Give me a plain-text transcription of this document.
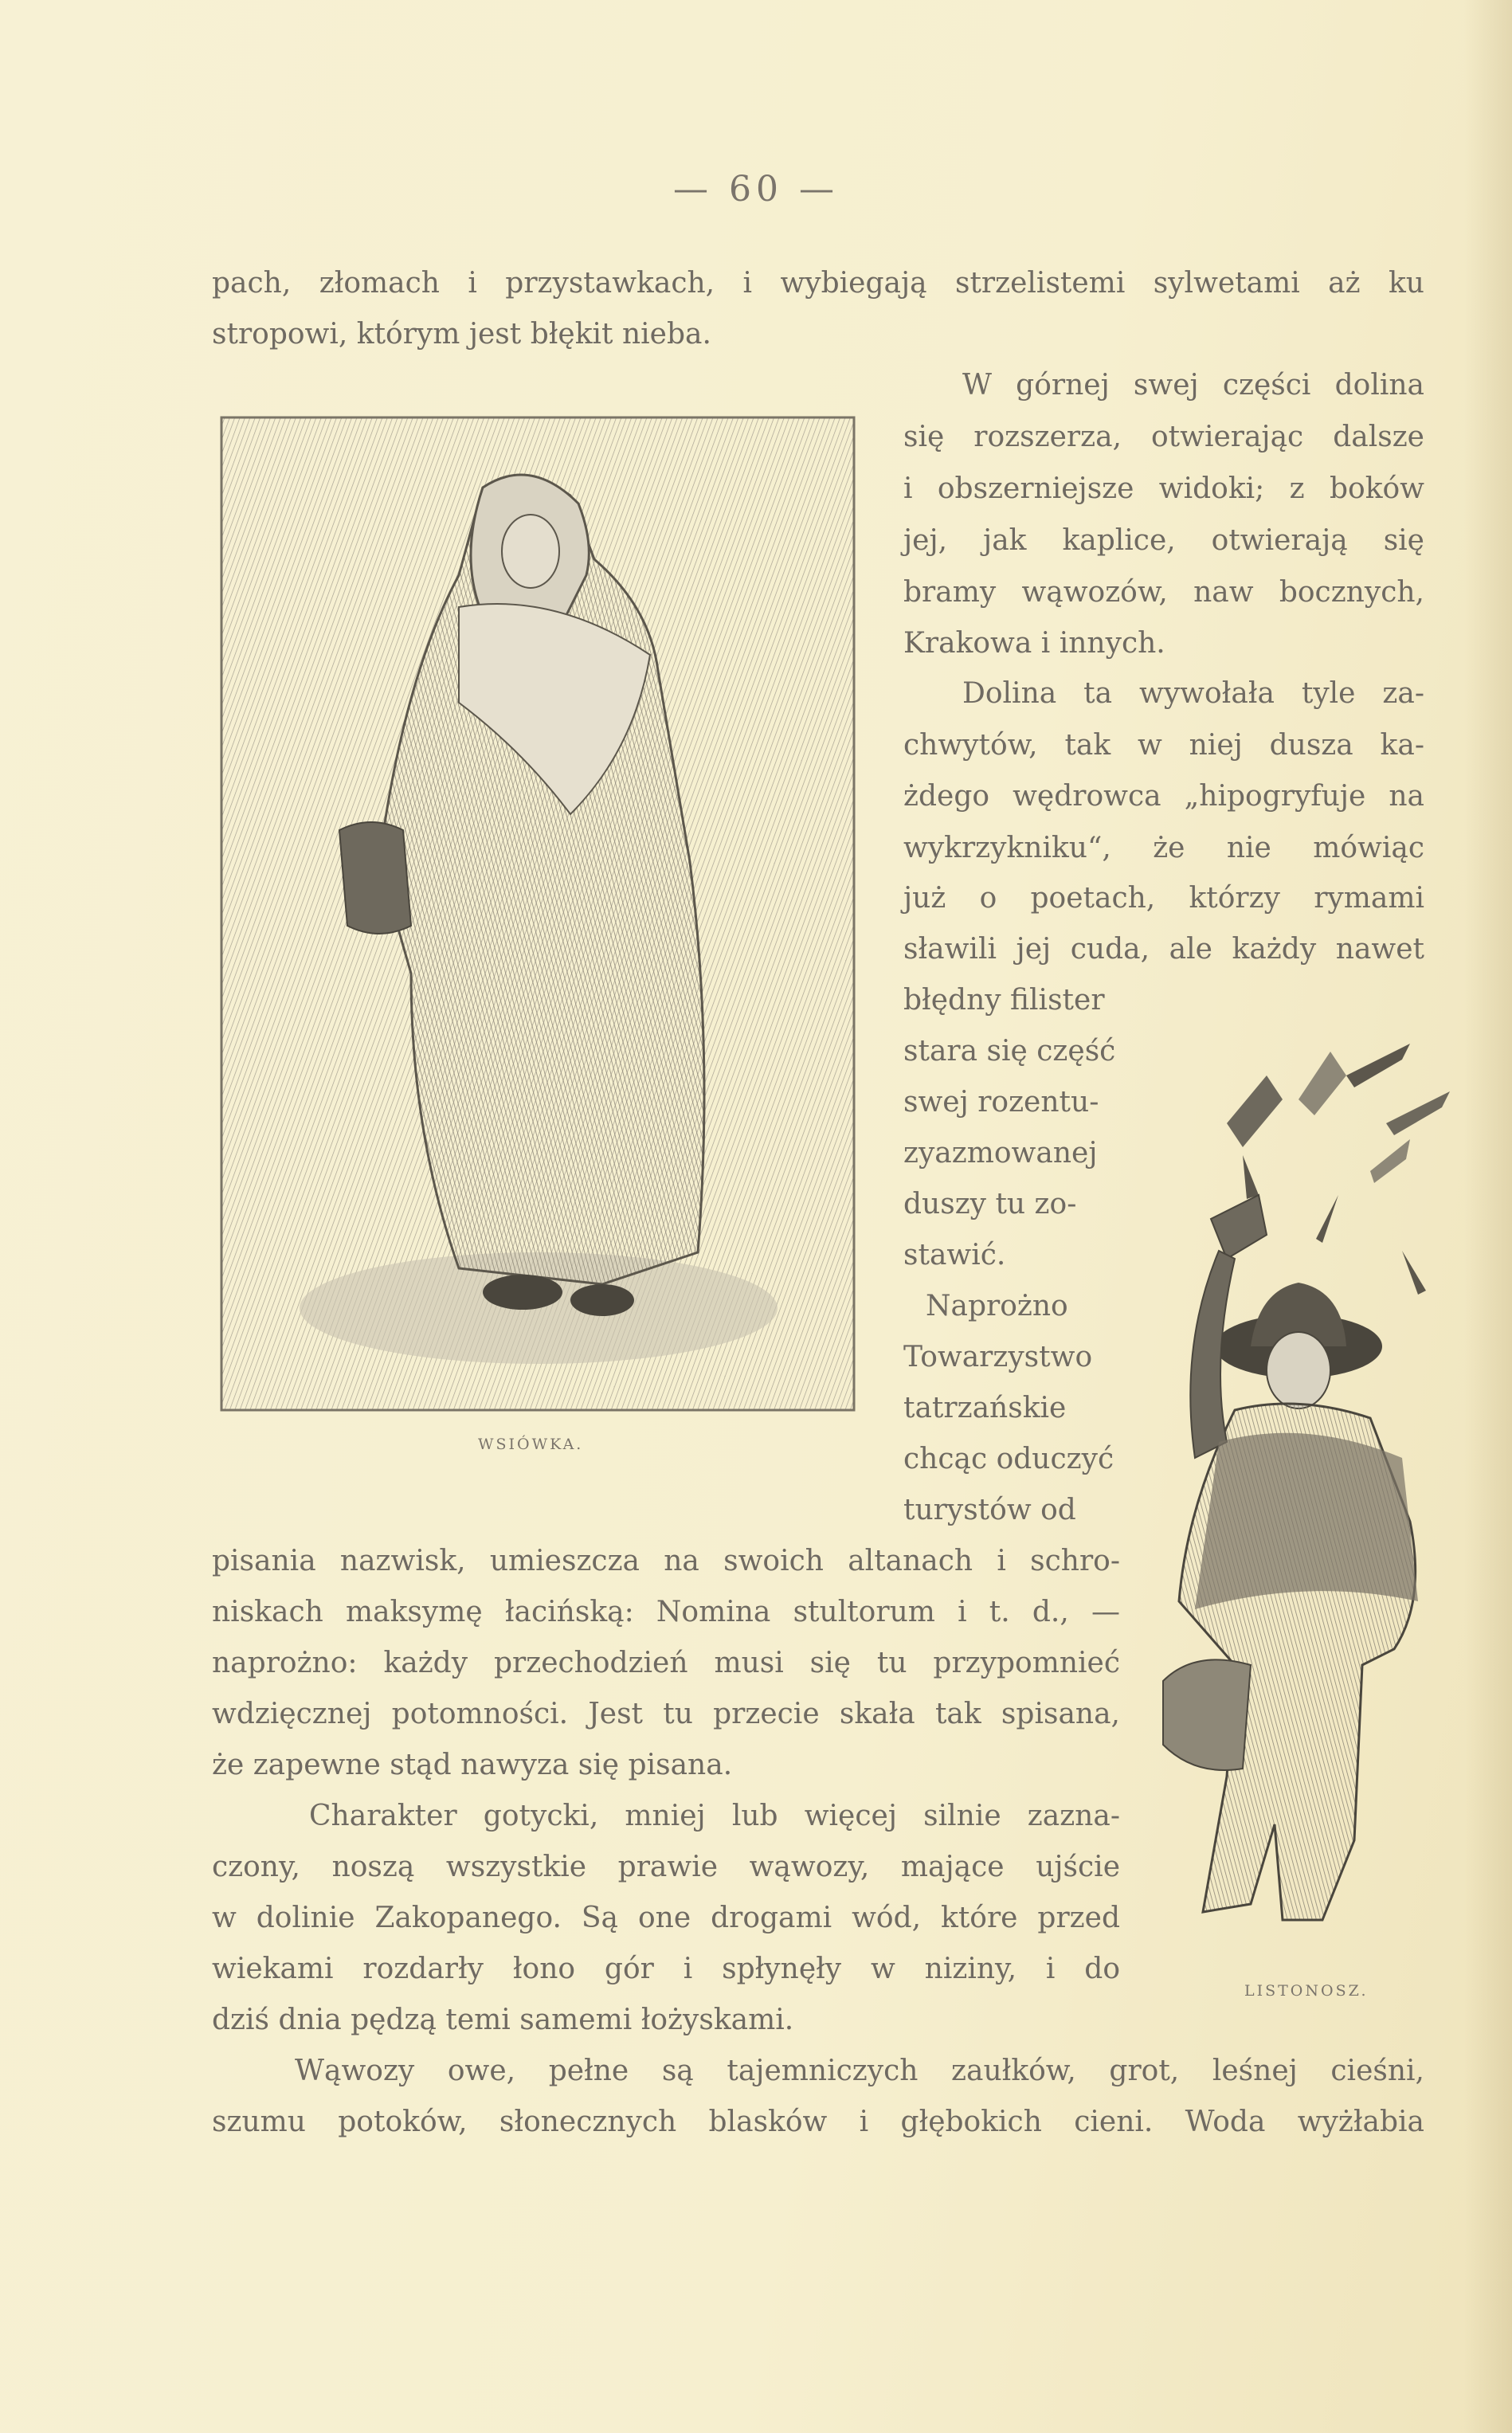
— 60 —
WSIÓWKA.
LISTONOSZ.
pach, złomach i przystawkach, i wybiegają strzelistemi sylwetami aż ku
stropowi, którym jest błękit nieba.
W górnej swej części dolina
się rozszerza, otwierając dalsze
i obszerniejsze widoki; z boków
jej, jak kaplice, otwierają się
bramy wąwozów, naw bocznych,
Krakowa i innych.
Dolina ta wywołała tyle za-
chwytów, tak w niej dusza ka-
żdego wędrowca „hipogryfuje na
wykrzykniku“, że nie mówiąc
już o poetach, którzy rymami
sławili jej cuda, ale każdy nawet
błędny filister
stara się część
swej rozentu-
zyazmowanej
duszy tu zo-
stawić.
Naprożno
Towarzystwo
tatrzańskie
chcąc oduczyć
turystów od
pisania nazwisk, umieszcza na swoich altanach i schro-
niskach maksymę łacińską: Nomina stultorum i t. d., —
naprożno: każdy przechodzień musi się tu przypomnieć
wdzięcznej potomności. Jest tu przecie skała tak spisana,
że zapewne stąd nawyza się pisana.
Charakter gotycki, mniej lub więcej silnie zazna-
czony, noszą wszystkie prawie wąwozy, mające ujście
w dolinie Zakopanego. Są one drogami wód, które przed
wiekami rozdarły łono gór i spłynęły w niziny, i do
dziś dnia pędzą temi samemi łożyskami.
Wąwozy owe, pełne są tajemniczych zaułków, grot, leśnej cieśni,
szumu potoków, słonecznych blasków i głębokich cieni. Woda wyżłabia
